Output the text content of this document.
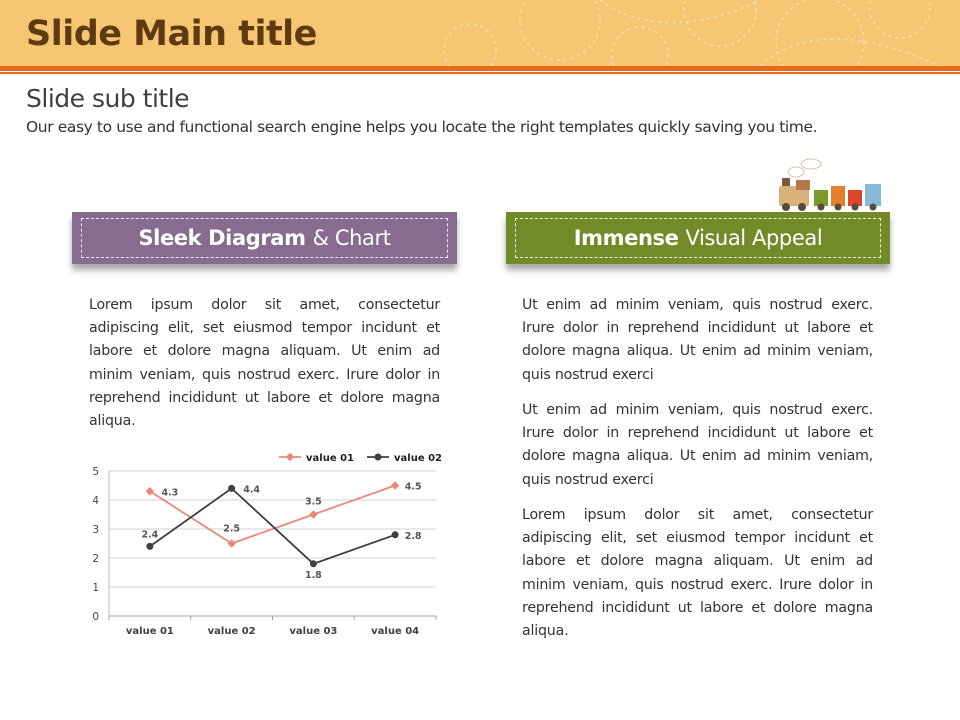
Slide Main title
Slide sub title
Our easy to use and functional search engine helps you locate the right templates quickly saving you time.
Sleek Diagram & Chart	Immense Visual Appeal
Lorem ipsum dolor sit amet, consectetur adipiscing elit, set eiusmod tempor incidunt et labore et dolore magna aliquam. Ut enim ad minim veniam, quis nostrud exerc. Irure dolor in reprehend incididunt ut labore et dolore magna aliqua.
Ut enim ad minim veniam, quis nostrud exerc. Irure dolor in reprehend incididunt ut labore et dolore magna aliqua. Ut enim ad minim veniam, quis nostrud exerci
Ut enim ad minim veniam, quis nostrud exerc. Irure dolor in reprehend incididunt ut labore et dolore magna aliqua. Ut enim ad minim veniam, quis nostrud exerci
Lorem ipsum dolor sit amet, consectetur adipiscing elit, set eiusmod tempor incidunt et labore et dolore magna aliquam. Ut enim ad minim veniam, quis nostrud exerc. Irure dolor in reprehend incididunt ut labore et dolore magna aliqua.
0
1
2
3
4
5
value 01	value 02	value 03	value 04
4.3
2.5
3.5
4.5
2.4
4.4
1.8
2.8
value 01	value 02
